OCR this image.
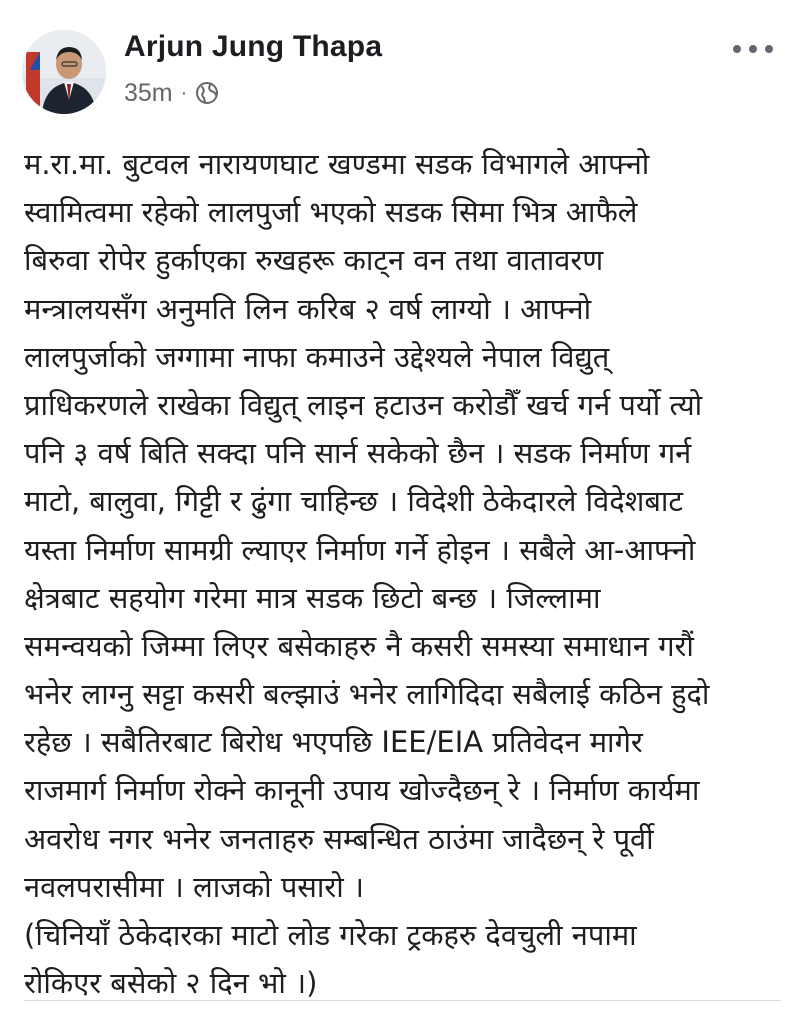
Arjun Jung Thapa
35m ·
म.रा.मा. बुटवल नारायणघाट खण्डमा सडक विभागले आफ्नो
स्वामित्वमा रहेको लालपुर्जा भएको सडक सिमा भित्र आफैले
बिरुवा रोपेर हुर्काएका रुखहरू काट्न वन तथा वातावरण
मन्त्रालयसँग अनुमति लिन करिब २ वर्ष लाग्यो । आफ्नो
लालपुर्जाको जग्गामा नाफा कमाउने उद्देश्यले नेपाल विद्युत्
प्राधिकरणले राखेका विद्युत् लाइन हटाउन करोडौँ खर्च गर्न पर्यो त्यो
पनि ३ वर्ष बिति सक्दा पनि सार्न सकेको छैन । सडक निर्माण गर्न
माटो, बालुवा, गिट्टी र ढुंगा चाहिन्छ । विदेशी ठेकेदारले विदेशबाट
यस्ता निर्माण सामग्री ल्याएर निर्माण गर्ने होइन । सबैले आ-आफ्नो
क्षेत्रबाट सहयोग गरेमा मात्र सडक छिटो बन्छ । जिल्लामा
समन्वयको जिम्मा लिएर बसेकाहरु नै कसरी समस्या समाधान गरौं
भनेर लाग्नु सट्टा कसरी बल्झाउं भनेर लागिदिदा सबैलाई कठिन हुदो
रहेछ । सबैतिरबाट बिरोध भएपछि IEE/EIA प्रतिवेदन मागेर
राजमार्ग निर्माण रोक्ने कानूनी उपाय खोज्दैछन् रे । निर्माण कार्यमा
अवरोध नगर भनेर जनताहरु सम्बन्धित ठाउंमा जादैछन् रे पूर्वी
नवलपरासीमा । लाजको पसारो ।
(चिनियाँ ठेकेदारका माटो लोड गरेका ट्रकहरु देवचुली नपामा
रोकिएर बसेको २ दिन भो ।)
